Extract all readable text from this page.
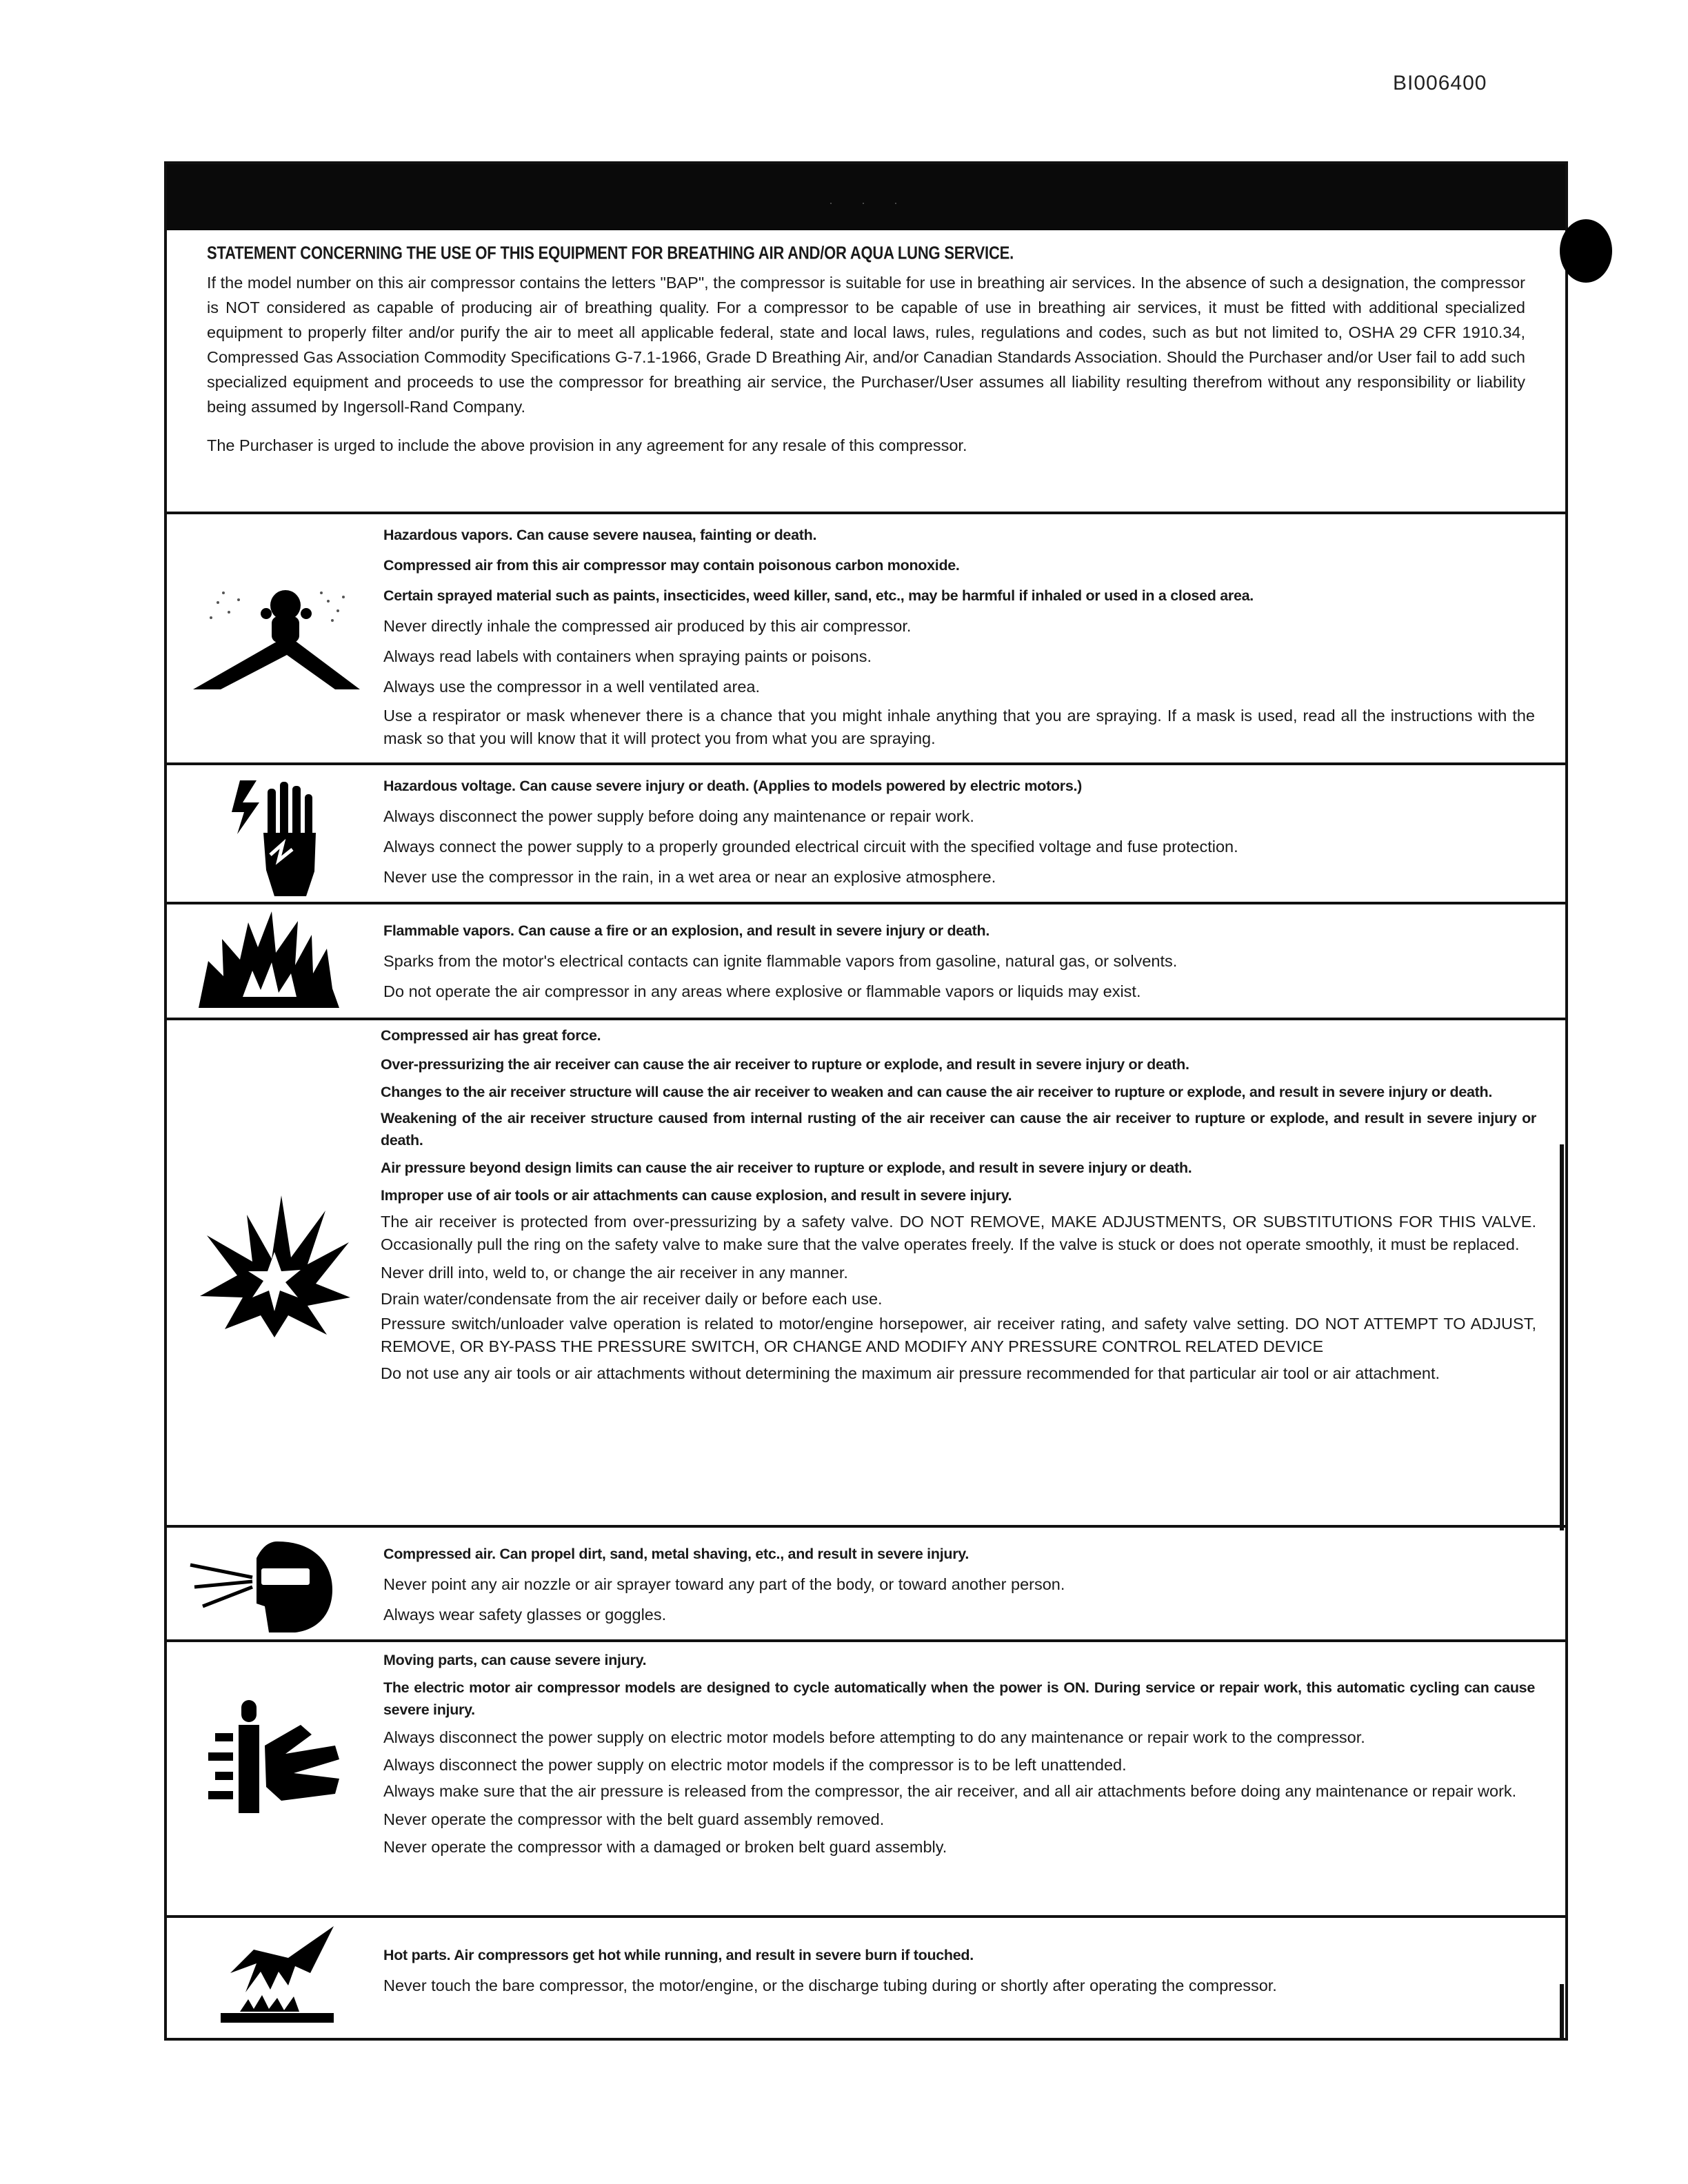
BI006400
· · ·
STATEMENT CONCERNING THE USE OF THIS EQUIPMENT FOR BREATHING AIR AND/OR AQUA LUNG SERVICE.

If the model number on this air compressor contains the letters "BAP", the compressor is suitable for use in breathing air services. In the absence of such a designation, the compressor is NOT considered as capable of producing air of breathing quality. For a compressor to be capable of use in breathing air services, it must be fitted with additional specialized equipment to properly filter and/or purify the air to meet all applicable federal, state and local laws, rules, regulations and codes, such as but not limited to, OSHA 29 CFR 1910.34, Compressed Gas Association Commodity Specifications G-7.1-1966, Grade D Breathing Air, and/or Canadian Standards Association. Should the Purchaser and/or User fail to add such specialized equipment and proceeds to use the compressor for breathing air service, the Purchaser/User assumes all liability resulting therefrom without any responsibility or liability being assumed by Ingersoll-Rand Company.

The Purchaser is urged to include the above provision in any agreement for any resale of this compressor.

Hazardous vapors. Can cause severe nausea, fainting or death.
Compressed air from this air compressor may contain poisonous carbon monoxide.
Certain sprayed material such as paints, insecticides, weed killer, sand, etc., may be harmful if inhaled or used in a closed area.
Never directly inhale the compressed air produced by this air compressor.
Always read labels with containers when spraying paints or poisons.
Always use the compressor in a well ventilated area.
Use a respirator or mask whenever there is a chance that you might inhale anything that you are spraying. If a mask is used, read all the instructions with the mask so that you will know that it will protect you from what you are spraying.
Hazardous voltage. Can cause severe injury or death. (Applies to models powered by electric motors.)
Always disconnect the power supply before doing any maintenance or repair work.
Always connect the power supply to a properly grounded electrical circuit with the specified voltage and fuse protection.
Never use the compressor in the rain, in a wet area or near an explosive atmosphere.
Flammable vapors. Can cause a fire or an explosion, and result in severe injury or death.
Sparks from the motor's electrical contacts can ignite flammable vapors from gasoline, natural gas, or solvents.
Do not operate the air compressor in any areas where explosive or flammable vapors or liquids may exist.
Compressed air has great force.
Over-pressurizing the air receiver can cause the air receiver to rupture or explode, and result in severe injury or death.
Changes to the air receiver structure will cause the air receiver to weaken and can cause the air receiver to rupture or explode, and result in severe injury or death.
Weakening of the air receiver structure caused from internal rusting of the air receiver can cause the air receiver to rupture or explode, and result in severe injury or death.
Air pressure beyond design limits can cause the air receiver to rupture or explode, and result in severe injury or death.
Improper use of air tools or air attachments can cause explosion, and result in severe injury.
The air receiver is protected from over-pressurizing by a safety valve. DO NOT REMOVE, MAKE ADJUSTMENTS, OR SUBSTITUTIONS FOR THIS VALVE. Occasionally pull the ring on the safety valve to make sure that the valve operates freely. If the valve is stuck or does not operate smoothly, it must be replaced.
Never drill into, weld to, or change the air receiver in any manner.
Drain water/condensate from the air receiver daily or before each use.
Pressure switch/unloader valve operation is related to motor/engine horsepower, air receiver rating, and safety valve setting. DO NOT ATTEMPT TO ADJUST, REMOVE, OR BY-PASS THE PRESSURE SWITCH, OR CHANGE AND MODIFY ANY PRESSURE CONTROL RELATED DEVICE
Do not use any air tools or air attachments without determining the maximum air pressure recommended for that particular air tool or air attachment.
Compressed air. Can propel dirt, sand, metal shaving, etc., and result in severe injury.
Never point any air nozzle or air sprayer toward any part of the body, or toward another person.
Always wear safety glasses or goggles.
Moving parts, can cause severe injury.
The electric motor air compressor models are designed to cycle automatically when the power is ON. During service or repair work, this automatic cycling can cause severe injury.
Always disconnect the power supply on electric motor models before attempting to do any maintenance or repair work to the compressor.
Always disconnect the power supply on electric motor models if the compressor is to be left unattended.
Always make sure that the air pressure is released from the compressor, the air receiver, and all air attachments before doing any maintenance or repair work.
Never operate the compressor with the belt guard assembly removed.
Never operate the compressor with a damaged or broken belt guard assembly.
Hot parts. Air compressors get hot while running, and result in severe burn if touched.
Never touch the bare compressor, the motor/engine, or the discharge tubing during or shortly after operating the compressor.
